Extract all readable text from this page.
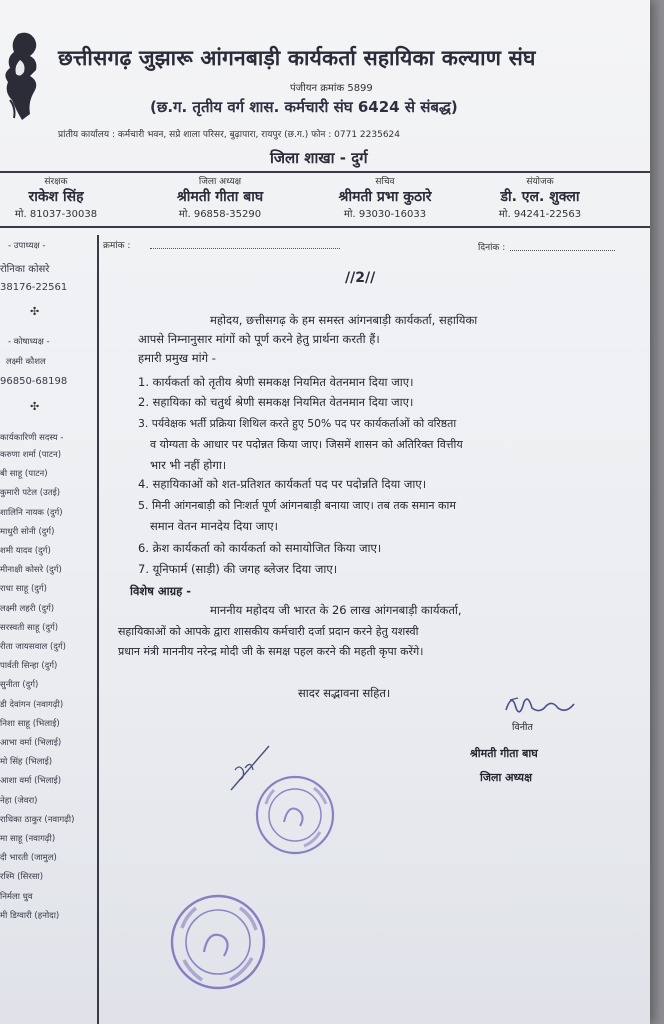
छत्तीसगढ़ जुझारू आंगनबाड़ी कार्यकर्ता सहायिका कल्याण संघ
पंजीयन क्रमांक 5899
(छ.ग. तृतीय वर्ग शास. कर्मचारी संघ 6424 से संबद्ध)
प्रांतीय कार्यालय : कर्मचारी भवन, सप्रे शाला परिसर, बुढ़ापारा, रायपुर (छ.ग.) फोन : 0771 2235624
जिला शाखा - दुर्ग
संरक्षक
राकेश सिंह
मो. 81037-30038
जिला अध्यक्ष
श्रीमती गीता बाघ
मो. 96858-35290
सचिव
श्रीमती प्रभा कुठारे
मो. 93030-16033
संयोजक
डी. एल. शुक्ला
मो. 94241-22563
- उपाध्यक्ष -
रोनिका कोसरे
38176-22561
✣
- कोषाध्यक्ष -
लक्ष्मी कौशल
96850-68198
✣
कार्यकारिणी सदस्य -
करुणा शर्मा (पाटन)
बी साहू (पाटन)
कुमारी पटेल (उतई)
शालिनि नायक (दुर्ग)
माधुरी सोनी (दुर्ग)
शमी यादव (दुर्ग)
मीनाक्षी कोसरे (दुर्ग)
राधा साहू (दुर्ग)
लक्ष्मी लहरी (दुर्ग)
सरस्वती साहू (दुर्ग)
रीता जायसवाल (दुर्ग)
पार्वती सिन्हा (दुर्ग)
सुनीता (दुर्ग)
डी देवांगन (नवागढ़ी)
निशा साहू (भिलाई)
आभा वर्मा (भिलाई)
मो सिंह (भिलाई)
आशा वर्मा (भिलाई)
नेहा (जेवरा)
राधिका ठाकुर (नवागढ़ी)
मा साहू (नवागढ़ी)
दी भारती (जामुल)
रश्मि (सिरसा)
निर्मला धुव
मी डिग्वारी (हनोदा)
क्रमांक :	दिनांक :
//2//
महोदय, छत्तीसगढ़ के हम समस्त आंगनबाड़ी कार्यकर्ता, सहायिका
आपसे निम्नानुसार मांगों को पूर्ण करने हेतु प्रार्थना करती हैं।
हमारी प्रमुख मांगे -
1. कार्यकर्ता को तृतीय श्रेणी समकक्ष नियमित वेतनमान दिया जाए।
2. सहायिका को चतुर्थ श्रेणी समकक्ष नियमित वेतनमान दिया जाए।
3. पर्यवेक्षक भर्ती प्रक्रिया शिथिल करते हुए 50% पद पर कार्यकर्ताओं को वरिष्ठता
व योग्यता के आधार पर पदोन्नत किया जाए। जिसमें शासन को अतिरिक्त वित्तीय
भार भी नहीं होगा।
4. सहायिकाओं को शत-प्रतिशत कार्यकर्ता पद पर पदोन्नति दिया जाए।
5. मिनी आंगनबाड़ी को निःशर्त पूर्ण आंगनबाड़ी बनाया जाए। तब तक समान काम
समान वेतन मानदेय दिया जाए।
6. क्रेश कार्यकर्ता को कार्यकर्ता को समायोजित किया जाए।
7. यूनिफार्म (साड़ी) की जगह ब्लेजर दिया जाए।
विशेष आग्रह -
माननीय महोदय जी भारत के 26 लाख आंगनबाड़ी कार्यकर्ता,
सहायिकाओं को आपके द्वारा शासकीय कर्मचारी दर्जा प्रदान करने हेतु यशस्वी
प्रधान मंत्री माननीय नरेन्द्र मोदी जी के समक्ष पहल करने की महती कृपा करेंगे।
सादर सद्भावना सहित।
विनीत
श्रीमती गीता बाघ
जिला अध्यक्ष
